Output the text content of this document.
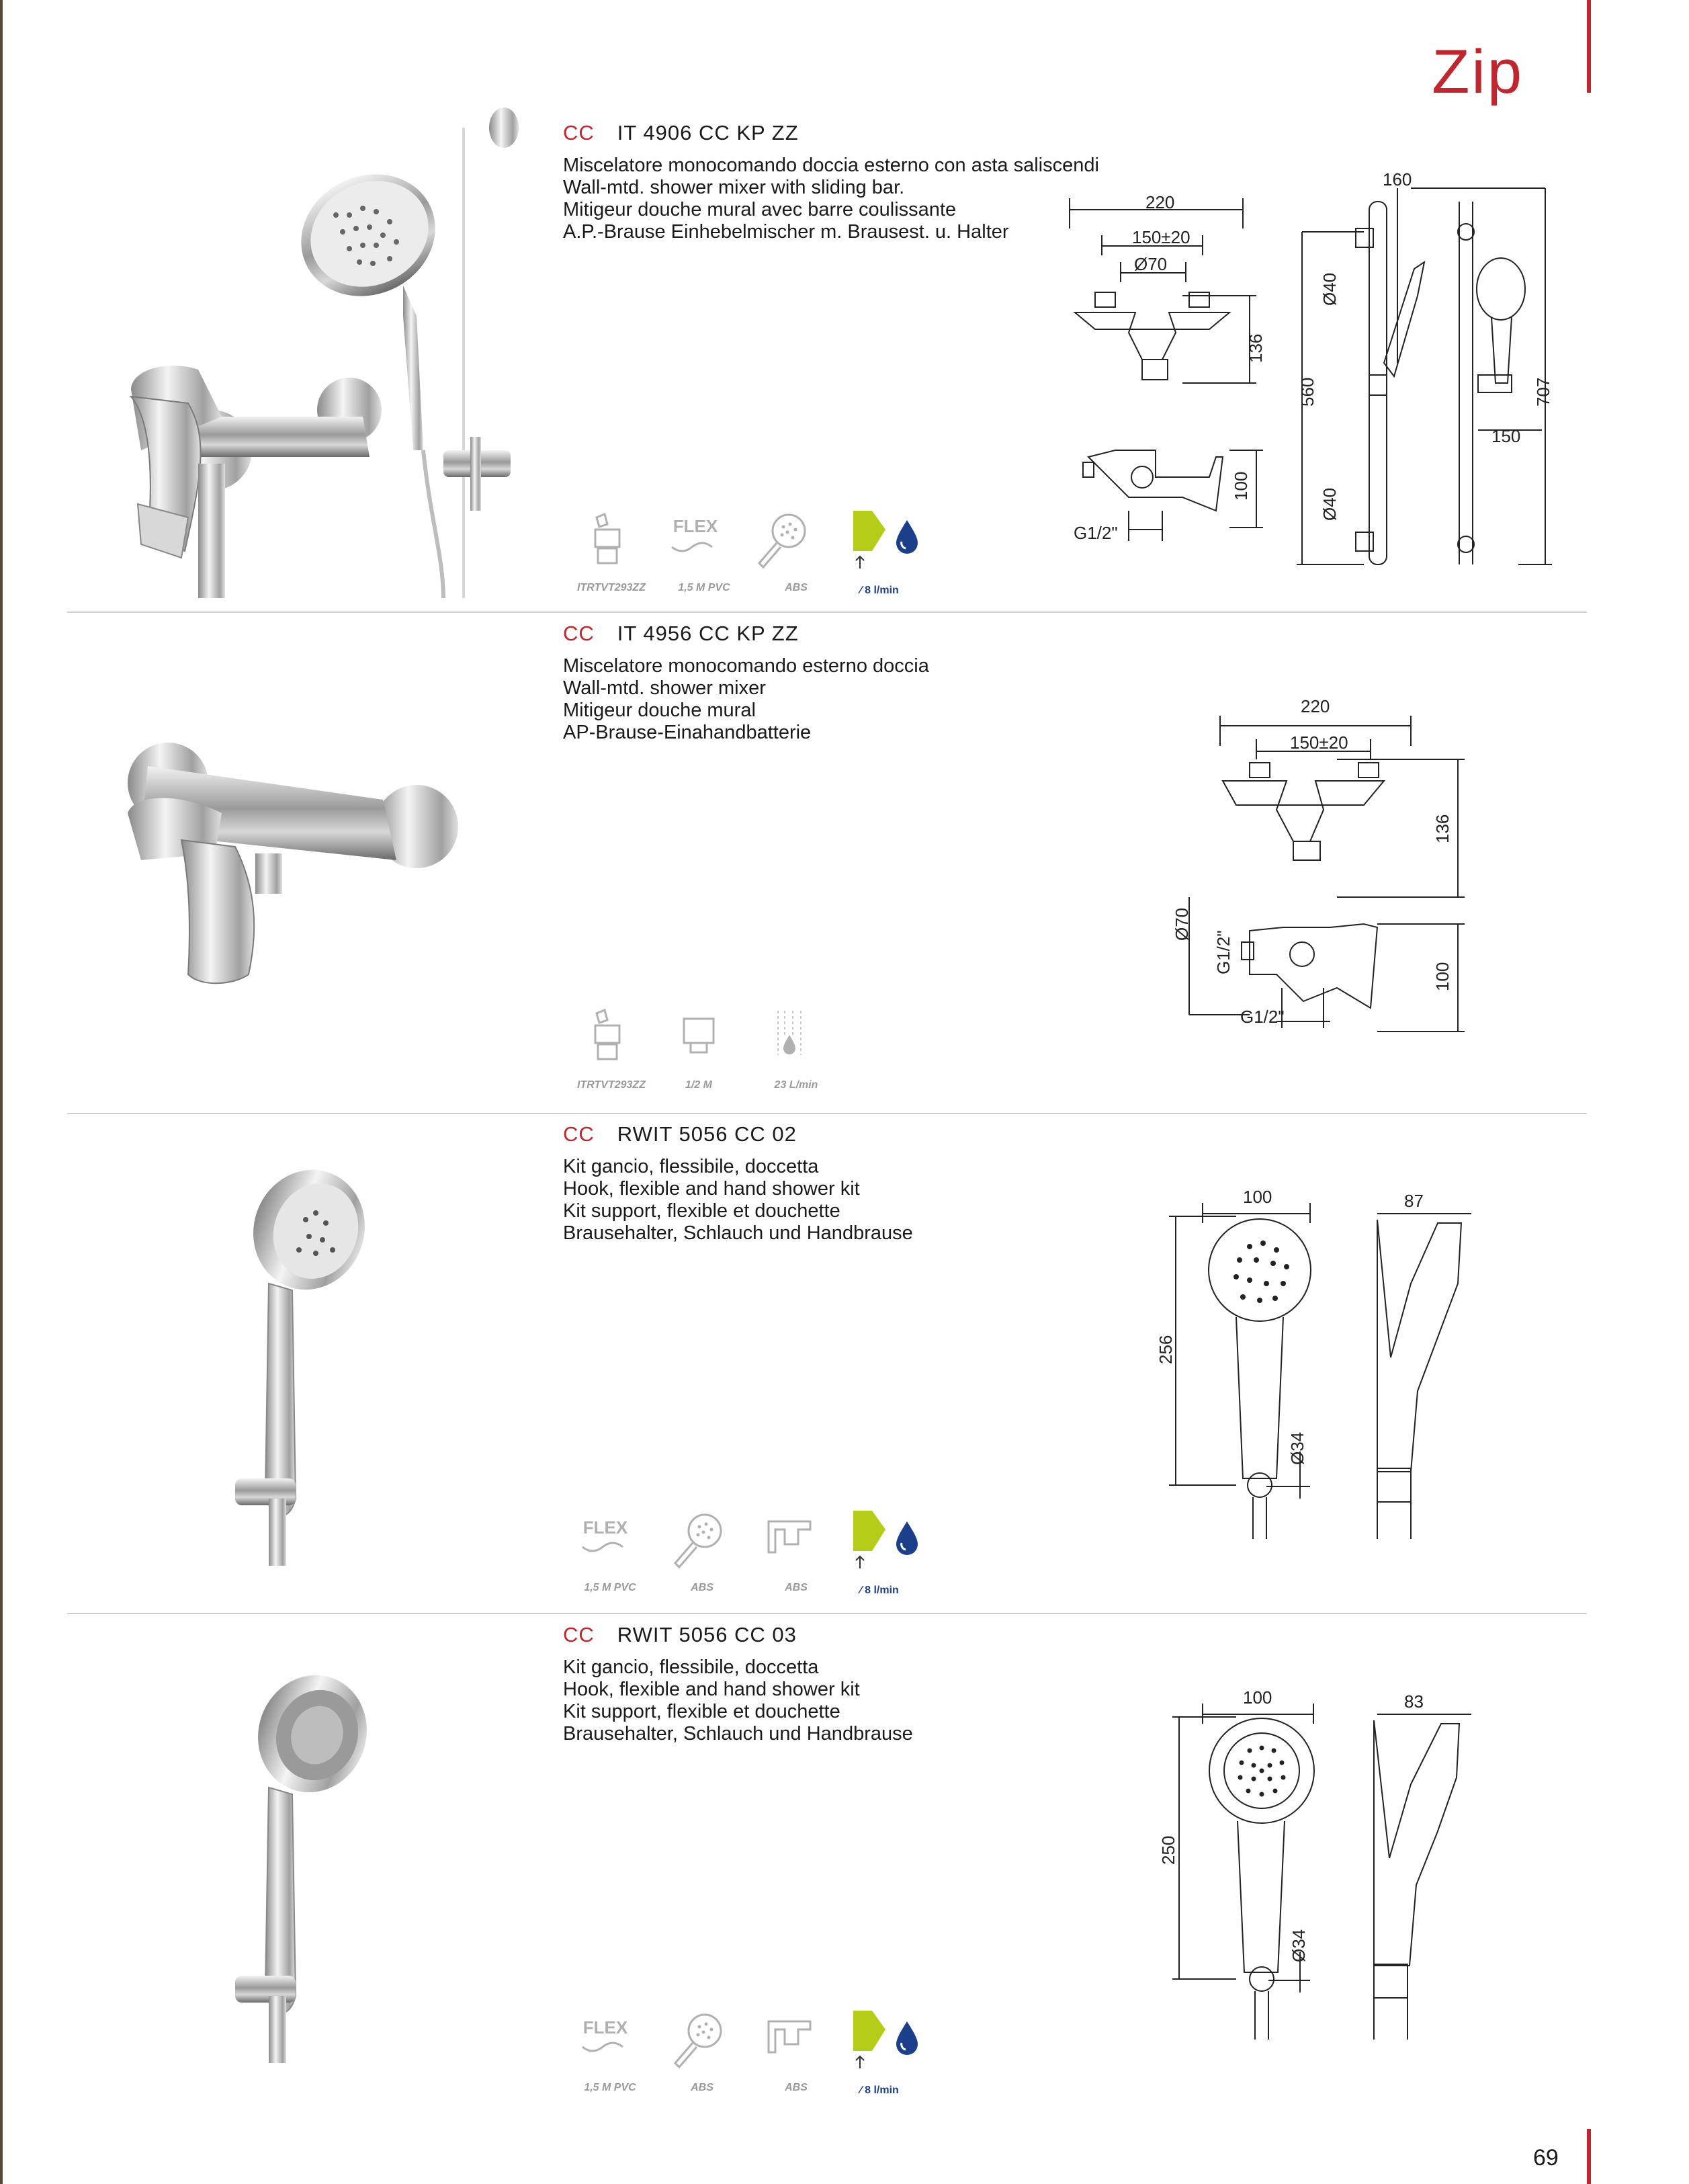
Zip
CC IT 4906 CC KP ZZ
Miscelatore monocomando doccia esterno con asta saliscendi
Wall-mtd. shower mixer with sliding bar.
Mitigeur douche mural avec barre coulissante
A.P.-Brause Einhebelmischer m. Brausest. u. Halter
FLEX
ITRTVT293ZZ	1,5 M PVC	ABS	⁄ 8 l/min
220
150±20
Ø70
136
G1/2"
100
160
Ø40
560
Ø40
707
150
CC IT 4956 CC KP ZZ
Miscelatore monocomando esterno doccia
Wall-mtd. shower mixer
Mitigeur douche mural
AP-Brause-Einahandbatterie
ITRTVT293ZZ	1/2 M	23 L/min
220
150±20
136
Ø70
G1/2"
100
G1/2"
CC RWIT 5056 CC 02
Kit gancio, flessibile, doccetta
Hook, flexible and hand shower kit
Kit support, flexible et douchette
Brausehalter, Schlauch und Handbrause
FLEX
1,5 M PVC	ABS	ABS	⁄ 8 l/min
100	87
256
Ø34
CC RWIT 5056 CC 03
Kit gancio, flessibile, doccetta
Hook, flexible and hand shower kit
Kit support, flexible et douchette
Brausehalter, Schlauch und Handbrause
FLEX
1,5 M PVC	ABS	ABS	⁄ 8 l/min
100	83
250
Ø34
69
